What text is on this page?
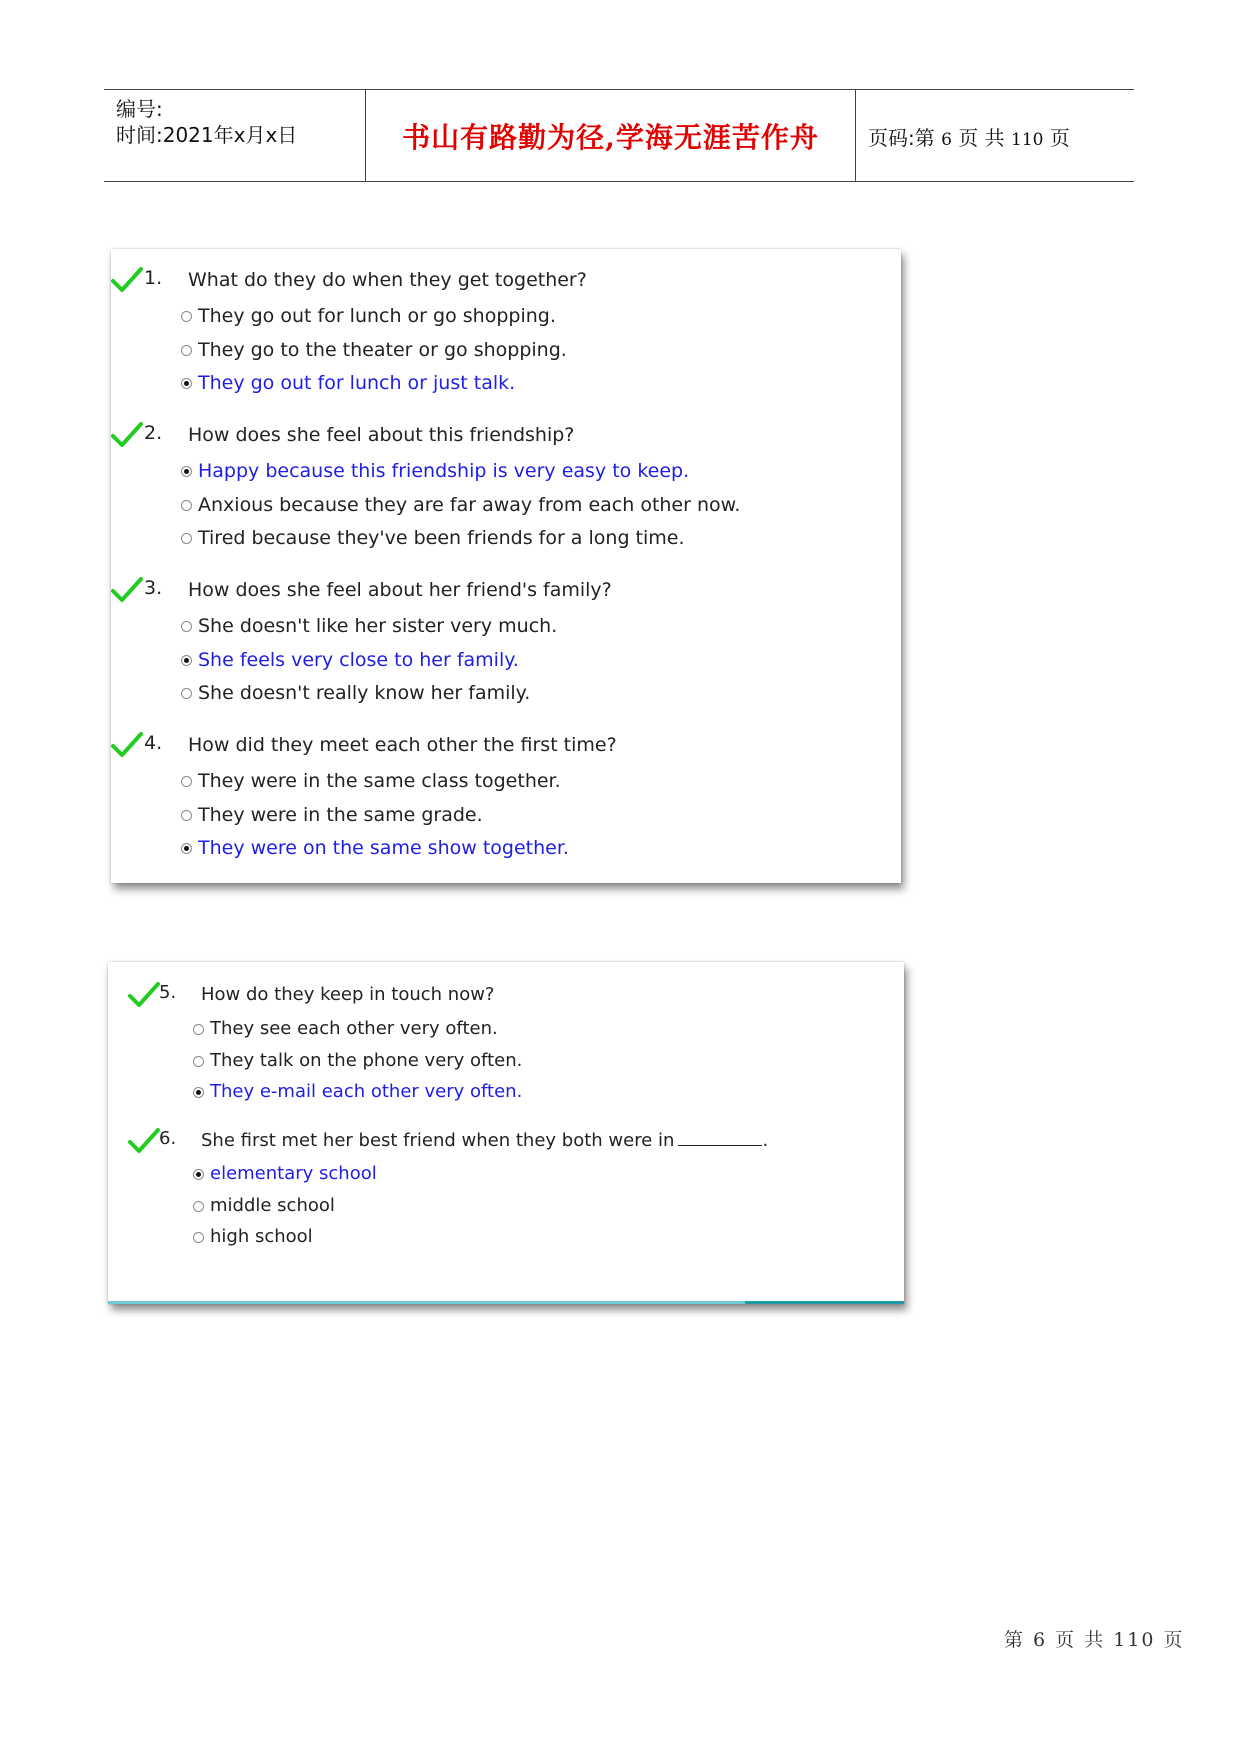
编号:
时间:2021年x月x日	书山有路勤为径,学海无涯苦作舟	页码:第 6 页 共 110 页
1. What do they do when they get together?
They go out for lunch or go shopping.
They go to the theater or go shopping.
They go out for lunch or just talk.
2. How does she feel about this friendship?
Happy because this friendship is very easy to keep.
Anxious because they are far away from each other now.
Tired because they've been friends for a long time.
3. How does she feel about her friend's family?
She doesn't like her sister very much.
She feels very close to her family.
She doesn't really know her family.
4. How did they meet each other the first time?
They were in the same class together.
They were in the same grade.
They were on the same show together.
5. How do they keep in touch now?
They see each other very often.
They talk on the phone very often.
They e-mail each other very often.
6. She first met her best friend when they both were in	.
elementary school
middle school
high school
第 6 页 共 110 页
